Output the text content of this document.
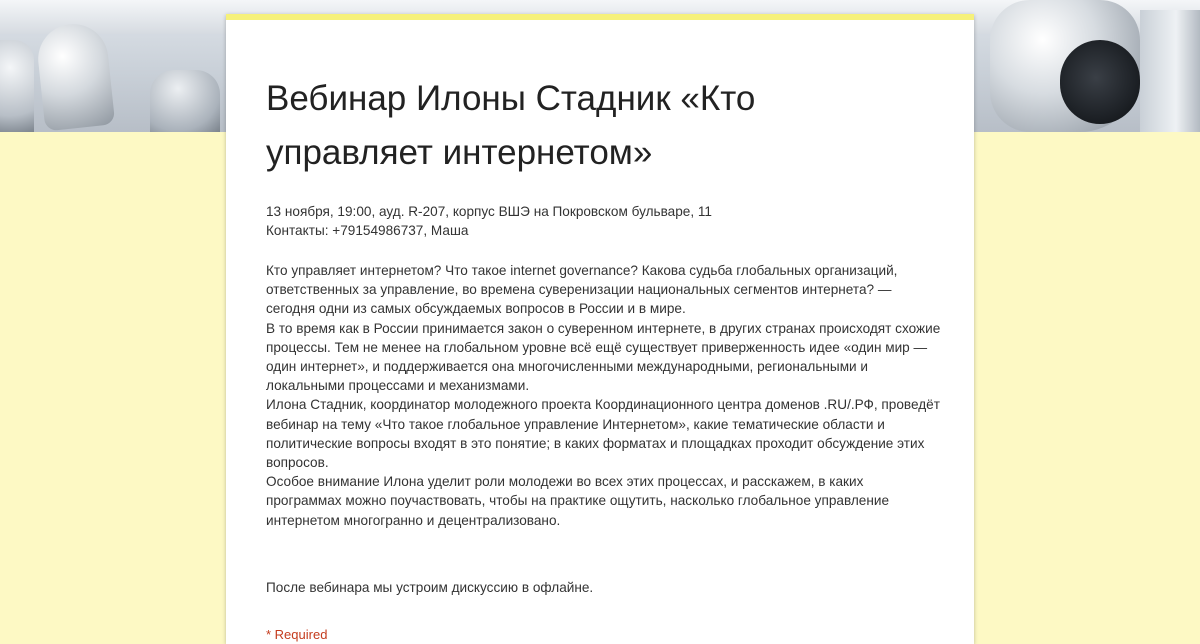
Вебинар Илоны Стадник «Кто управляет интернетом»
13 ноября, 19:00, ауд. R-207, корпус ВШЭ на Покровском бульваре, 11
Контакты: +79154986737, Маша

Кто управляет интернетом? Что такое internet governance? Какова судьба глобальных организаций, ответственных за управление, во времена суверенизации национальных сегментов интернета? — сегодня одни из самых обсуждаемых вопросов в России и в мире.

В то время как в России принимается закон о суверенном интернете, в других странах происходят схожие процессы. Тем не менее на глобальном уровне всё ещё существует приверженность идее «один мир — один интернет», и поддерживается она многочисленными международными, региональными и локальными процессами и механизмами.

Илона Стадник, координатор молодежного проекта Координационного центра доменов .RU/.РФ, проведёт вебинар на тему «Что такое глобальное управление Интернетом», какие тематические области и политические вопросы входят в это понятие; в каких форматах и площадках проходит обсуждение этих вопросов.

Особое внимание Илона уделит роли молодежи во всех этих процессах, и расскажем, в каких программах можно поучаствовать, чтобы на практике ощутить, насколько глобальное управление интернетом многогранно и децентрализовано.

После вебинара мы устроим дискуссию в офлайне.
* Required
